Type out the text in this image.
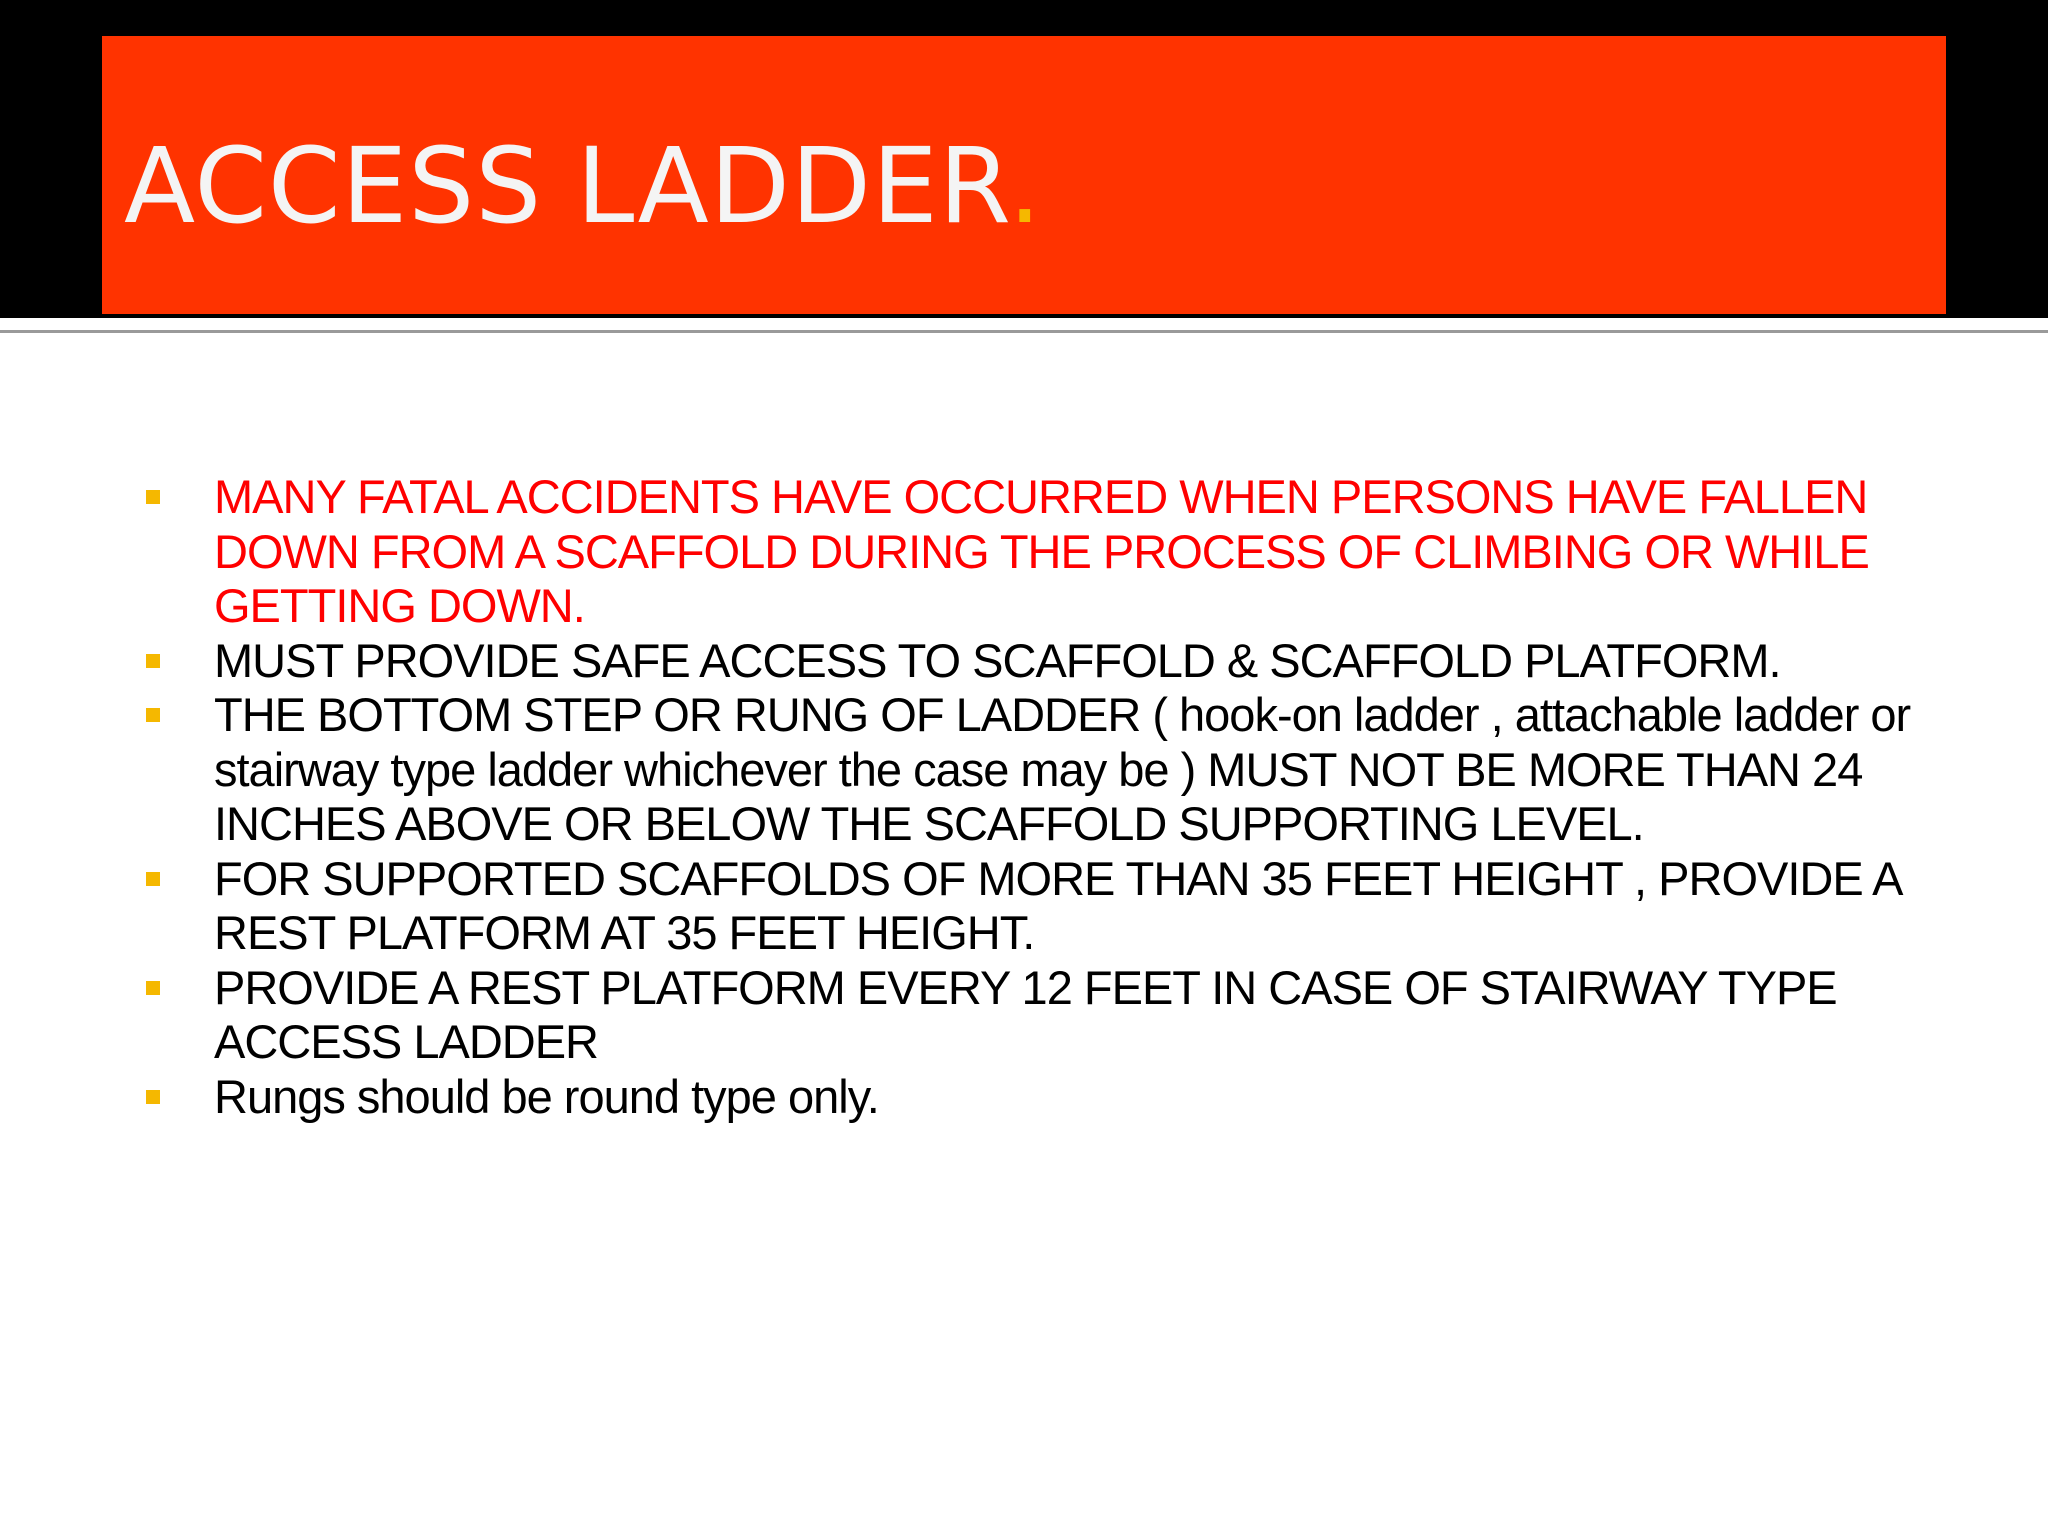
ACCESS LADDER.
MANY FATAL ACCIDENTS HAVE OCCURRED WHEN PERSONS HAVE FALLEN DOWN FROM A SCAFFOLD DURING THE PROCESS OF CLIMBING OR WHILE GETTING DOWN.
MUST PROVIDE SAFE ACCESS TO SCAFFOLD & SCAFFOLD PLATFORM.
THE BOTTOM STEP OR RUNG OF LADDER ( hook-on ladder , attachable ladder or stairway type ladder whichever the case may be ) MUST NOT BE MORE THAN 24 INCHES ABOVE OR BELOW THE SCAFFOLD SUPPORTING LEVEL.
FOR SUPPORTED SCAFFOLDS OF MORE THAN 35 FEET HEIGHT , PROVIDE A REST PLATFORM AT 35 FEET HEIGHT.
PROVIDE A REST PLATFORM EVERY 12 FEET IN CASE OF STAIRWAY TYPE ACCESS LADDER
Rungs should be round type only.
